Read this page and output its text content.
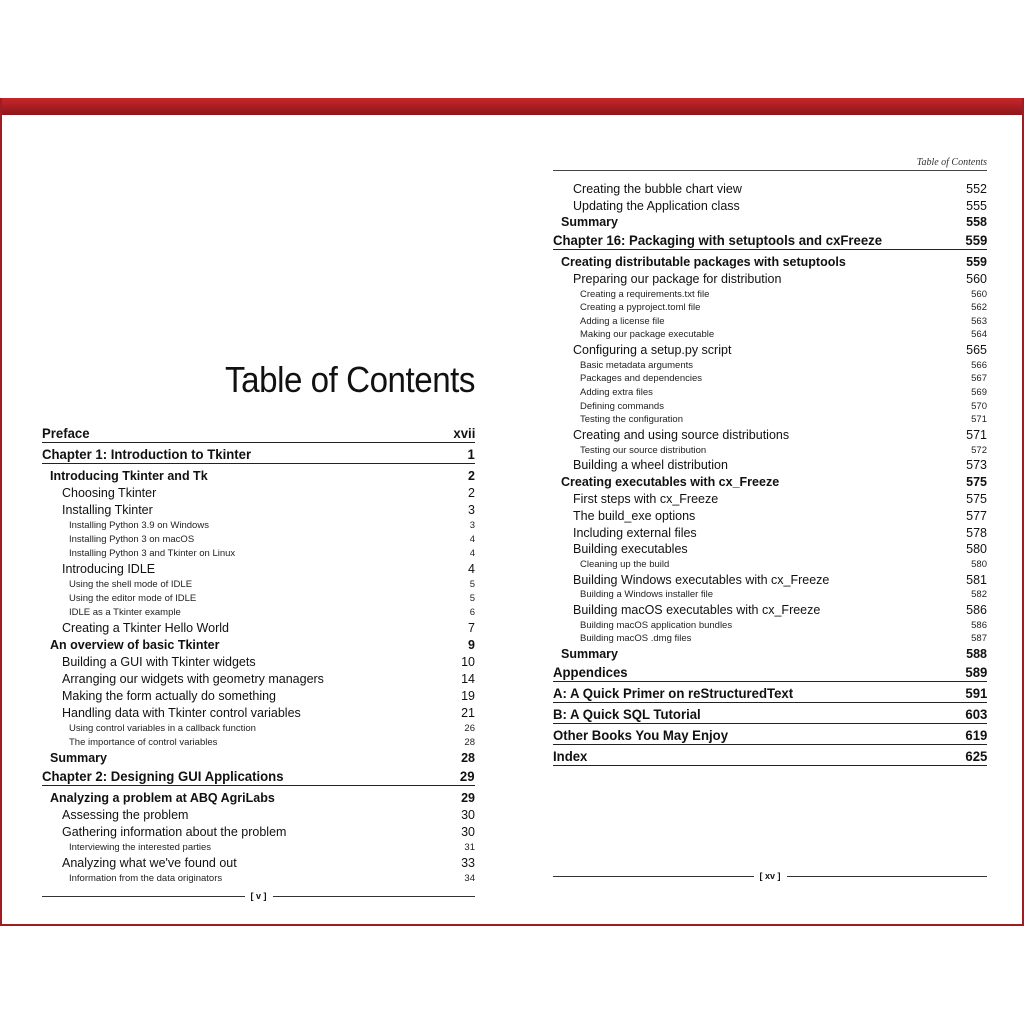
Table of Contents
Preface	xvii
Chapter 1: Introduction to Tkinter	1
Introducing Tkinter and Tk	2
Choosing Tkinter	2
Installing Tkinter	3
Installing Python 3.9 on Windows	3
Installing Python 3 on macOS	4
Installing Python 3 and Tkinter on Linux	4
Introducing IDLE	4
Using the shell mode of IDLE	5
Using the editor mode of IDLE	5
IDLE as a Tkinter example	6
Creating a Tkinter Hello World	7
An overview of basic Tkinter	9
Building a GUI with Tkinter widgets	10
Arranging our widgets with geometry managers	14
Making the form actually do something	19
Handling data with Tkinter control variables	21
Using control variables in a callback function	26
The importance of control variables	28
Summary	28
Chapter 2: Designing GUI Applications	29
Analyzing a problem at ABQ AgriLabs	29
Assessing the problem	30
Gathering information about the problem	30
Interviewing the interested parties	31
Analyzing what we've found out	33
Information from the data originators	34
[ v ]
Table of Contents
Creating the bubble chart view	552
Updating the Application class	555
Summary	558
Chapter 16: Packaging with setuptools and cxFreeze	559
Creating distributable packages with setuptools	559
Preparing our package for distribution	560
Creating a requirements.txt file	560
Creating a pyproject.toml file	562
Adding a license file	563
Making our package executable	564
Configuring a setup.py script	565
Basic metadata arguments	566
Packages and dependencies	567
Adding extra files	569
Defining commands	570
Testing the configuration	571
Creating and using source distributions	571
Testing our source distribution	572
Building a wheel distribution	573
Creating executables with cx_Freeze	575
First steps with cx_Freeze	575
The build_exe options	577
Including external files	578
Building executables	580
Cleaning up the build	580
Building Windows executables with cx_Freeze	581
Building a Windows installer file	582
Building macOS executables with cx_Freeze	586
Building macOS application bundles	586
Building macOS .dmg files	587
Summary	588
Appendices	589
A: A Quick Primer on reStructuredText	591
B: A Quick SQL Tutorial	603
Other Books You May Enjoy	619
Index	625
[ xv ]
